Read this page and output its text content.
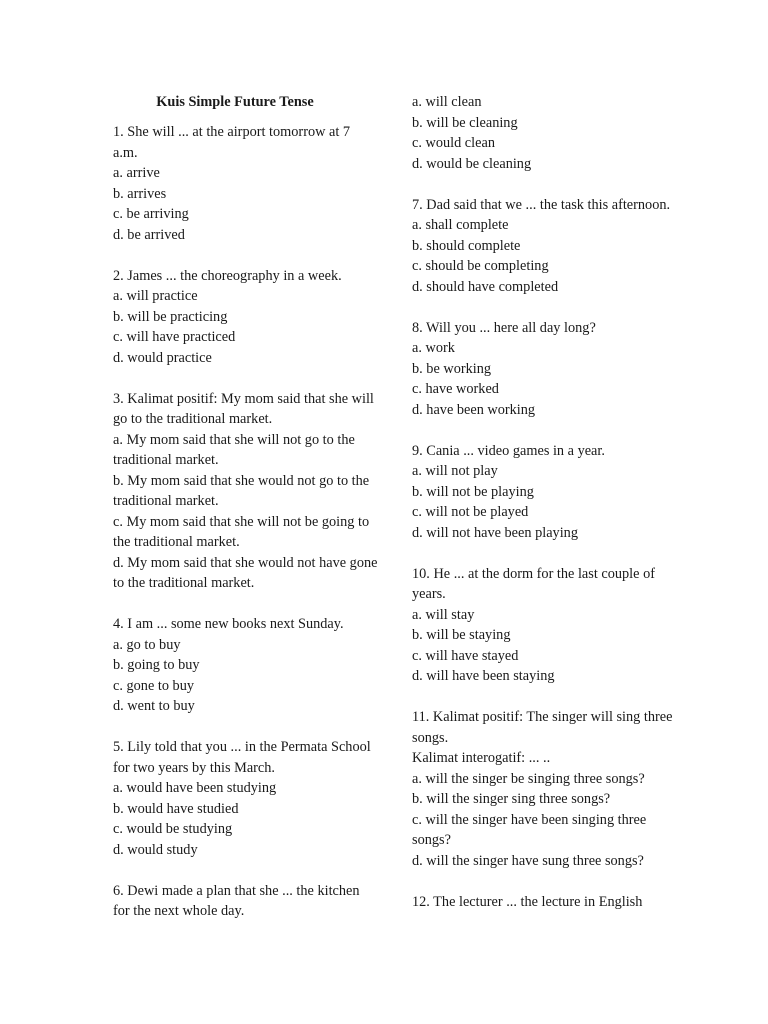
Kuis Simple Future Tense
1. She will ... at the airport tomorrow at 7 a.m.
a. arrive
b. arrives
c. be arriving
d. be arrived
2. James ... the choreography in a week.
a. will practice
b. will be practicing
c. will have practiced
d. would practice
3. Kalimat positif: My mom said that she will go to the traditional market.
a. My mom said that she will not go to the traditional market.
b. My mom said that she would not go to the traditional market.
c. My mom said that she will not be going to the traditional market.
d. My mom said that she would not have gone to the traditional market.
4. I am ... some new books next Sunday.
a. go to buy
b. going to buy
c. gone to buy
d. went to buy
5. Lily told that you ... in the Permata School for two years by this March.
a. would have been studying
b. would have studied
c. would be studying
d. would study
6. Dewi made a plan that she ... the kitchen for the next whole day.
a. will clean
b. will be cleaning
c. would clean
d. would be cleaning
7. Dad said that we ... the task this afternoon.
a. shall complete
b. should complete
c. should be completing
d. should have completed
8. Will you ... here all day long?
a. work
b. be working
c. have worked
d. have been working
9. Cania ... video games in a year.
a. will not play
b. will not be playing
c. will not be played
d. will not have been playing
10. He ... at the dorm for the last couple of years.
a. will stay
b. will be staying
c. will have stayed
d. will have been staying
11. Kalimat positif: The singer will sing three songs.
Kalimat interogatif: ... ..
a. will the singer be singing three songs?
b. will the singer sing three songs?
c. will the singer have been singing three songs?
d. will the singer have sung three songs?
12. The lecturer ... the lecture in English
